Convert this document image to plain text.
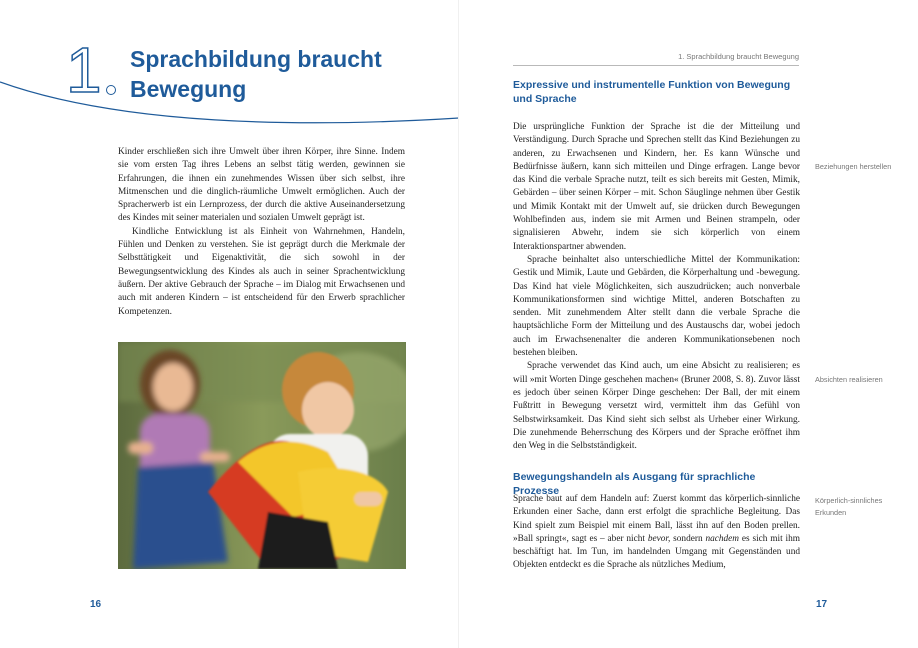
1 Sprachbildung braucht Bewegung

Kinder erschließen sich ihre Umwelt über ihren Körper, ihre Sinne. Indem sie vom ersten Tag ihres Lebens an selbst tätig werden, gewinnen sie Erfahrungen, die ihnen ein zunehmendes Wissen über sich selbst, ihre Mitmenschen und die dinglich-räumliche Umwelt ermöglichen. Auch der Spracherwerb ist ein Lernprozess, der durch die aktive Auseinandersetzung des Kindes mit seiner materialen und sozialen Umwelt geprägt ist.

Kindliche Entwicklung ist als Einheit von Wahrnehmen, Handeln, Fühlen und Denken zu verstehen. Sie ist geprägt durch die Merkmale der Selbsttätigkeit und Eigenaktivität, die sich sowohl in der Bewegungsentwicklung des Kindes als auch in seiner Sprachentwicklung äußern. Der aktive Gebrauch der Sprache – im Dialog mit Erwachsenen und auch mit anderen Kindern – ist entscheidend für den Erwerb sprachlicher Kompetenzen.

16
1. Sprachbildung braucht Bewegung
Expressive und instrumentelle Funktion von Bewegung und Sprache

Die ursprüngliche Funktion der Sprache ist die der Mitteilung und Verständigung. Durch Sprache und Sprechen stellt das Kind Beziehungen zu anderen, zu Erwachsenen und Kindern, her. Es kann Wünsche und Bedürfnisse äußern, kann sich mitteilen und Dinge erfragen. Lange bevor das Kind die verbale Sprache nutzt, teilt es sich bereits mit Gesten, Mimik, Gebärden – über seinen Körper – mit. Schon Säuglinge nehmen über Gestik und Mimik Kontakt mit der Umwelt auf, sie drücken durch Bewegungen Wohlbefinden aus, indem sie mit Armen und Beinen strampeln, oder signalisieren Abwehr, indem sie sich körperlich von einem Interaktionspartner abwenden.

Sprache beinhaltet also unterschiedliche Mittel der Kommunikation: Gestik und Mimik, Laute und Gebärden, die Körperhaltung und -bewegung. Das Kind hat viele Möglichkeiten, sich auszudrücken; auch nonverbale Kommunikationsformen sind wichtige Mittel, anderen Botschaften zu senden. Mit zunehmendem Alter stellt dann die verbale Sprache die hauptsächliche Form der Mitteilung und des Austauschs dar, wobei jedoch auch im Erwachsenenalter die anderen Kommunikationsebenen noch bestehen bleiben.

Sprache verwendet das Kind auch, um eine Absicht zu realisieren; es will »mit Worten Dinge geschehen machen« (Bruner 2008, S. 8). Zuvor lässt es jedoch über seinen Körper Dinge geschehen: Der Ball, der mit einem Fußtritt in Bewegung versetzt wird, vermittelt ihm das Gefühl von Selbstwirksamkeit. Das Kind sieht sich selbst als Urheber einer Wirkung. Die zunehmende Beherrschung des Körpers und der Sprache eröffnet ihm den Weg in die Selbstständigkeit.

Bewegungshandeln als Ausgang für sprachliche Prozesse

Sprache baut auf dem Handeln auf: Zuerst kommt das körperlich-sinnliche Erkunden einer Sache, dann erst erfolgt die sprachliche Begleitung. Das Kind spielt zum Beispiel mit einem Ball, lässt ihn auf den Boden prellen. »Ball springt«, sagt es – aber nicht bevor, sondern nachdem es sich mit ihm beschäftigt hat. Im Tun, im handelnden Umgang mit Gegenständen und Objekten entdeckt es die Sprache als nützliches Medium,

Beziehungen herstellen

Absichten realisieren

Körperlich-sinnliches Erkunden

17
